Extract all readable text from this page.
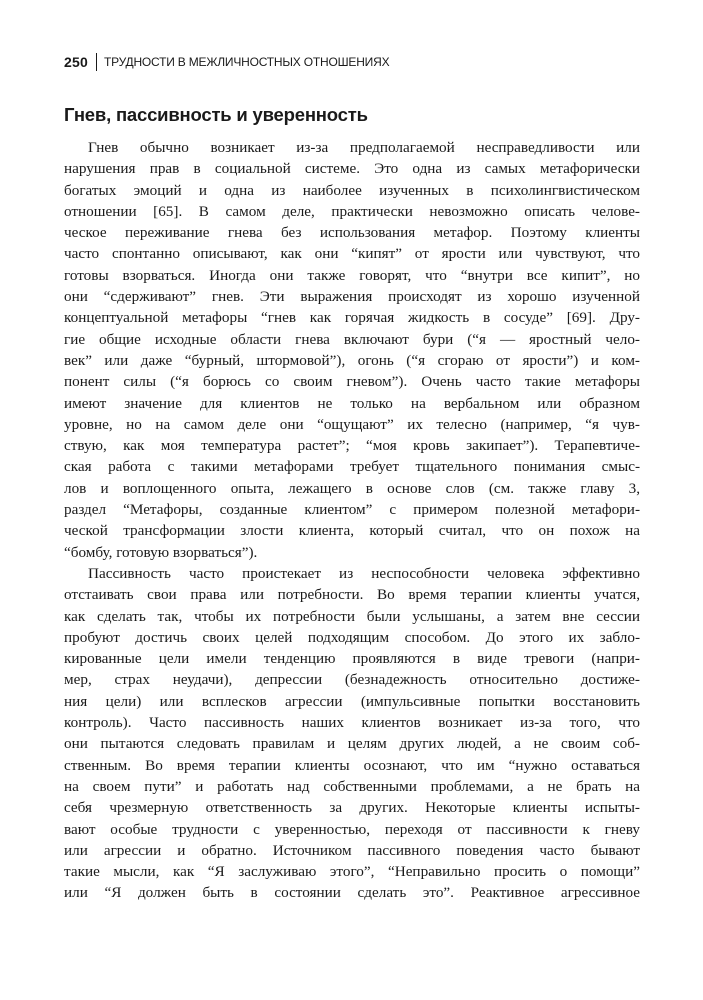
250 ТРУДНОСТИ В МЕЖЛИЧНОСТНЫХ ОТНОШЕНИЯХ
Гнев, пассивность и уверенность

Гнев обычно возникает из-за предполагаемой несправедливости или
нарушения прав в социальной системе. Это одна из самых метафорически
богатых эмоций и одна из наиболее изученных в психолингвистическом
отношении [65]. В самом деле, практически невозможно описать челове-
ческое переживание гнева без использования метафор. Поэтому клиенты
часто спонтанно описывают, как они “кипят” от ярости или чувствуют, что
готовы взорваться. Иногда они также говорят, что “внутри все кипит”, но
они “сдерживают” гнев. Эти выражения происходят из хорошо изученной
концептуальной метафоры “гнев как горячая жидкость в сосуде” [69]. Дру-
гие общие исходные области гнева включают бури (“я — яростный чело-
век” или даже “бурный, штормовой”), огонь (“я сгораю от ярости”) и ком-
понент силы (“я борюсь со своим гневом”). Очень часто такие метафоры
имеют значение для клиентов не только на вербальном или образном
уровне, но на самом деле они “ощущают” их телесно (например, “я чув-
ствую, как моя температура растет”; “моя кровь закипает”). Терапевтиче-
ская работа с такими метафорами требует тщательного понимания смыс-
лов и воплощенного опыта, лежащего в основе слов (см. также главу 3,
раздел “Метафоры, созданные клиентом” с примером полезной метафори-
ческой трансформации злости клиента, который считал, что он похож на
“бомбу, готовую взорваться”).

Пассивность часто проистекает из неспособности человека эффективно
отстаивать свои права или потребности. Во время терапии клиенты учатся,
как сделать так, чтобы их потребности были услышаны, а затем вне сессии
пробуют достичь своих целей подходящим способом. До этого их забло-
кированные цели имели тенденцию проявляются в виде тревоги (напри-
мер, страх неудачи), депрессии (безнадежность относительно достиже-
ния цели) или всплесков агрессии (импульсивные попытки восстановить
контроль). Часто пассивность наших клиентов возникает из-за того, что
они пытаются следовать правилам и целям других людей, а не своим соб-
ственным. Во время терапии клиенты осознают, что им “нужно оставаться
на своем пути” и работать над собственными проблемами, а не брать на
себя чрезмерную ответственность за других. Некоторые клиенты испыты-
вают особые трудности с уверенностью, переходя от пассивности к гневу
или агрессии и обратно. Источником пассивного поведения часто бывают
такие мысли, как “Я заслуживаю этого”, “Неправильно просить о помощи”
или “Я должен быть в состоянии сделать это”. Реактивное агрессивное
